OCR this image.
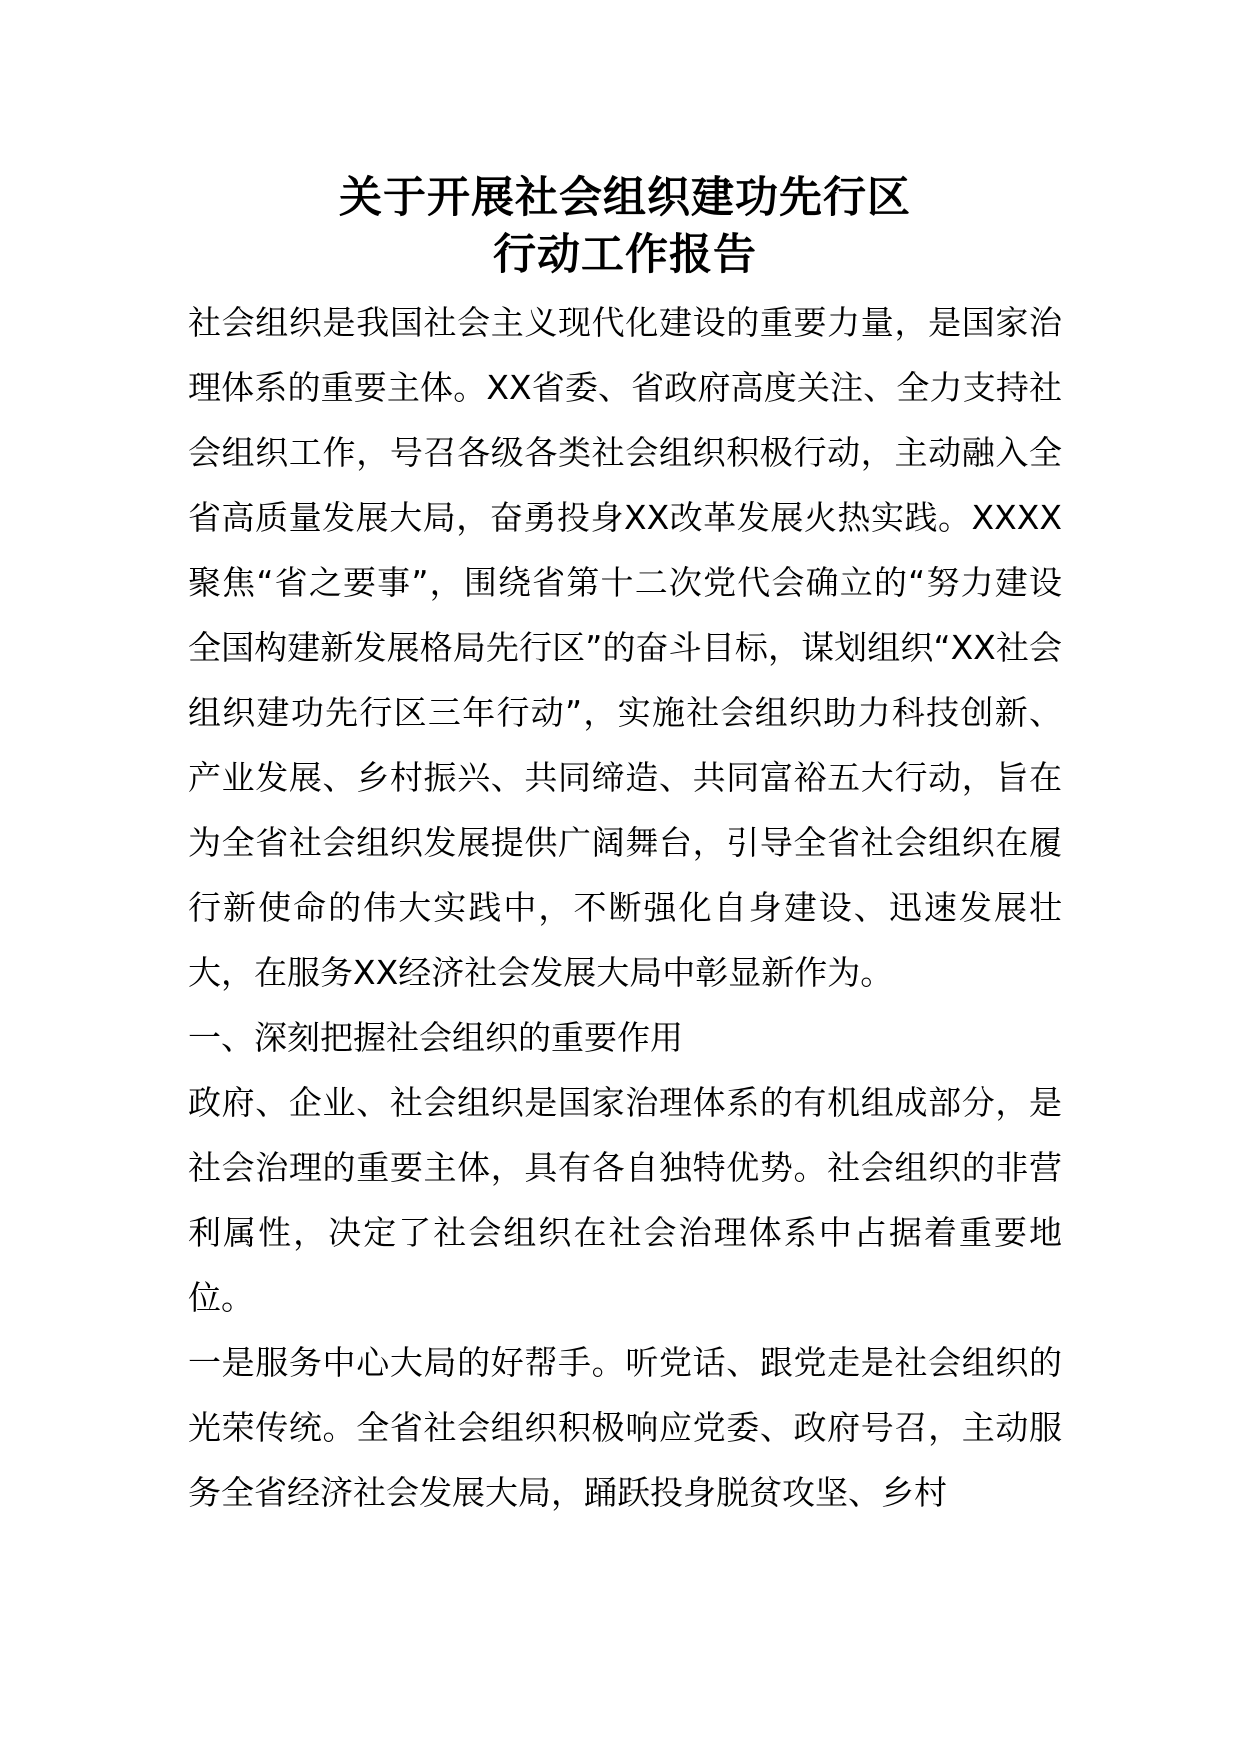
关于开展社会组织建功先行区
行动工作报告

社会组织是我国社会主义现代化建设的重要力量，是国家治理体系的重要主体。XX省委、省政府高度关注、全力支持社会组织工作，号召各级各类社会组织积极行动，主动融入全省高质量发展大局，奋勇投身XX改革发展火热实践。XXXX聚焦“省之要事”，围绕省第十二次党代会确立的“努力建设全国构建新发展格局先行区”的奋斗目标，谋划组织“XX社会组织建功先行区三年行动”，实施社会组织助力科技创新、产业发展、乡村振兴、共同缔造、共同富裕五大行动，旨在为全省社会组织发展提供广阔舞台，引导全省社会组织在履行新使命的伟大实践中，不断强化自身建设、迅速发展壮大，在服务XX经济社会发展大局中彰显新作为。

一、深刻把握社会组织的重要作用

政府、企业、社会组织是国家治理体系的有机组成部分，是社会治理的重要主体，具有各自独特优势。社会组织的非营利属性，决定了社会组织在社会治理体系中占据着重要地位。

一是服务中心大局的好帮手。听党话、跟党走是社会组织的光荣传统。全省社会组织积极响应党委、政府号召，主动服务全省经济社会发展大局，踊跃投身脱贫攻坚、乡村
